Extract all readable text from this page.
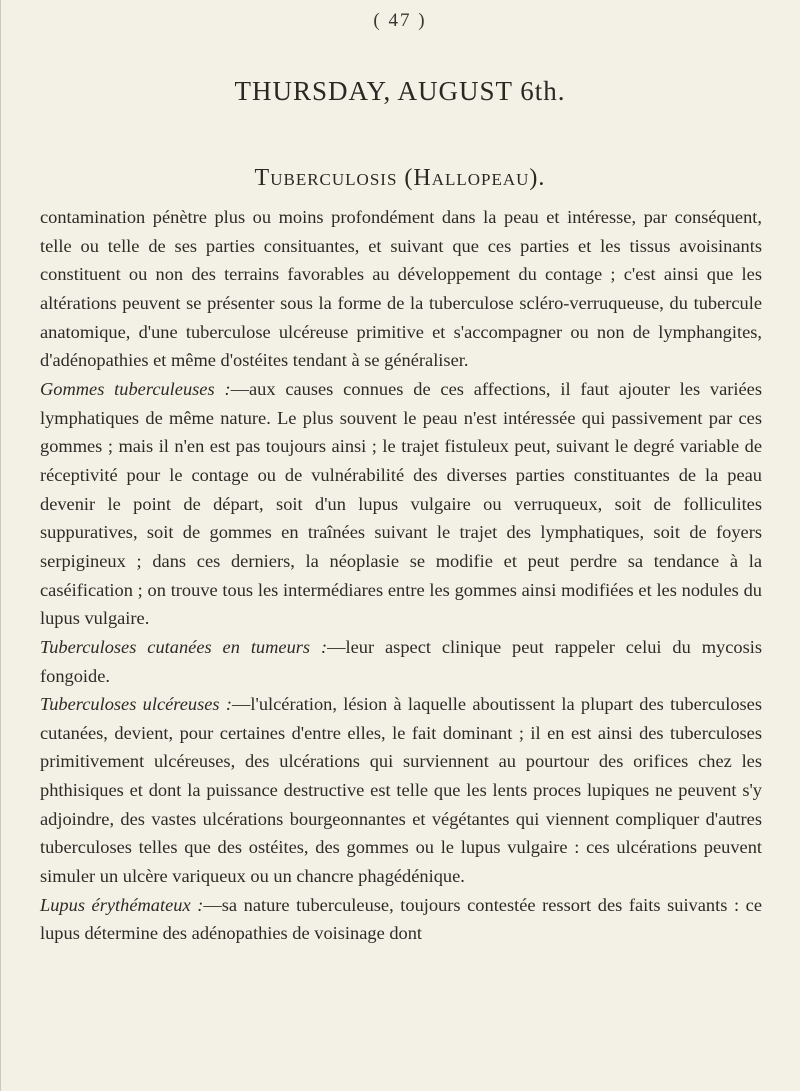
( 47 )
THURSDAY, AUGUST 6th.
Tuberculosis (Hallopeau).

contamination pénètre plus ou moins profondément dans la peau et intéresse, par conséquent, telle ou telle de ses parties consituantes, et suivant que ces parties et les tissus avoisinants constituent ou non des terrains favorables au développement du contage ; c'est ainsi que les altérations peuvent se présenter sous la forme de la tuberculose scléro-verruqueuse, du tubercule anatomique, d'une tuberculose ulcéreuse primitive et s'accompagner ou non de lymphangites, d'adénopathies et même d'ostéites tendant à se généraliser.

Gommes tuberculeuses :—aux causes connues de ces affections, il faut ajouter les variées lymphatiques de même nature. Le plus souvent le peau n'est intéressée qui passivement par ces gommes ; mais il n'en est pas toujours ainsi ; le trajet fistuleux peut, suivant le degré variable de réceptivité pour le contage ou de vulnérabilité des diverses parties constituantes de la peau devenir le point de départ, soit d'un lupus vulgaire ou verruqueux, soit de folliculites suppuratives, soit de gommes en traînées suivant le trajet des lymphatiques, soit de foyers serpigineux ; dans ces derniers, la néoplasie se modifie et peut perdre sa tendance à la caséification ; on trouve tous les intermédiares entre les gommes ainsi modifiées et les nodules du lupus vulgaire.

Tuberculoses cutanées en tumeurs :—leur aspect clinique peut rappeler celui du mycosis fongoide.

Tuberculoses ulcéreuses :—l'ulcération, lésion à laquelle aboutissent la plupart des tuberculoses cutanées, devient, pour certaines d'entre elles, le fait dominant ; il en est ainsi des tuberculoses primitivement ulcéreuses, des ulcérations qui surviennent au pourtour des orifices chez les phthisiques et dont la puissance destructive est telle que les lents proces lupiques ne peuvent s'y adjoindre, des vastes ulcérations bourgeonnantes et végétantes qui viennent compliquer d'autres tuberculoses telles que des ostéites, des gommes ou le lupus vulgaire : ces ulcérations peuvent simuler un ulcère variqueux ou un chancre phagédénique.

Lupus érythémateux :—sa nature tuberculeuse, toujours contestée ressort des faits suivants : ce lupus détermine des adénopathies de voisinage dont
